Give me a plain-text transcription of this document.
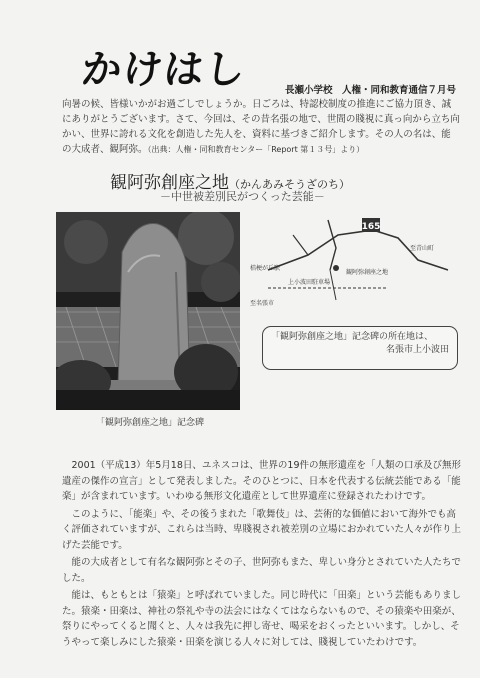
かけはし	長瀬小学校　人権・同和教育通信７月号
向暑の候、皆様いかがお過ごしでしょうか。日ごろは、特認校制度の推進にご協力頂き、誠にありがとうございます。さて、今回は、その昔名張の地で、世間の賤視に真っ向から立ち向かい、世界に誇れる文化を創造した先人を、資料に基づきご紹介します。その人の名は、能の大成者、観阿弥。（出典：人権・同和教育センター「Report 第１３号」より）
観阿弥創座之地（かんあみそうざのち）
－中世被差別民がつくった芸能－
「観阿弥創座之地」記念碑
165
至青山町
観阿弥創座之地
上小波田駐車場
桔梗が丘駅
至名張市
「観阿弥創座之地」記念碑の所在地は、
名張市上小波田

2001（平成13）年5月18日、ユネスコは、世界の19件の無形遺産を「人類の口承及び無形遺産の傑作の宣言」として発表しました。そのひとつに、日本を代表する伝統芸能である「能楽」が含まれています。いわゆる無形文化遺産として世界遺産に登録されたわけです。

このように、「能楽」や、その後うまれた「歌舞伎」は、芸術的な価値において海外でも高く評価されていますが、これらは当時、卑賤視され被差別の立場におかれていた人々が作り上げた芸能です。

能の大成者として有名な観阿弥とその子、世阿弥もまた、卑しい身分とされていた人たちでした。

能は、もともとは「猿楽」と呼ばれていました。同じ時代に「田楽」という芸能もありました。猿楽・田楽は、神社の祭礼や寺の法会にはなくてはならないもので、その猿楽や田楽が、祭りにやってくると聞くと、人々は我先に押し寄せ、喝采をおくったといいます。しかし、そうやって楽しみにした猿楽・田楽を演じる人々に対しては、賤視していたわけです。
